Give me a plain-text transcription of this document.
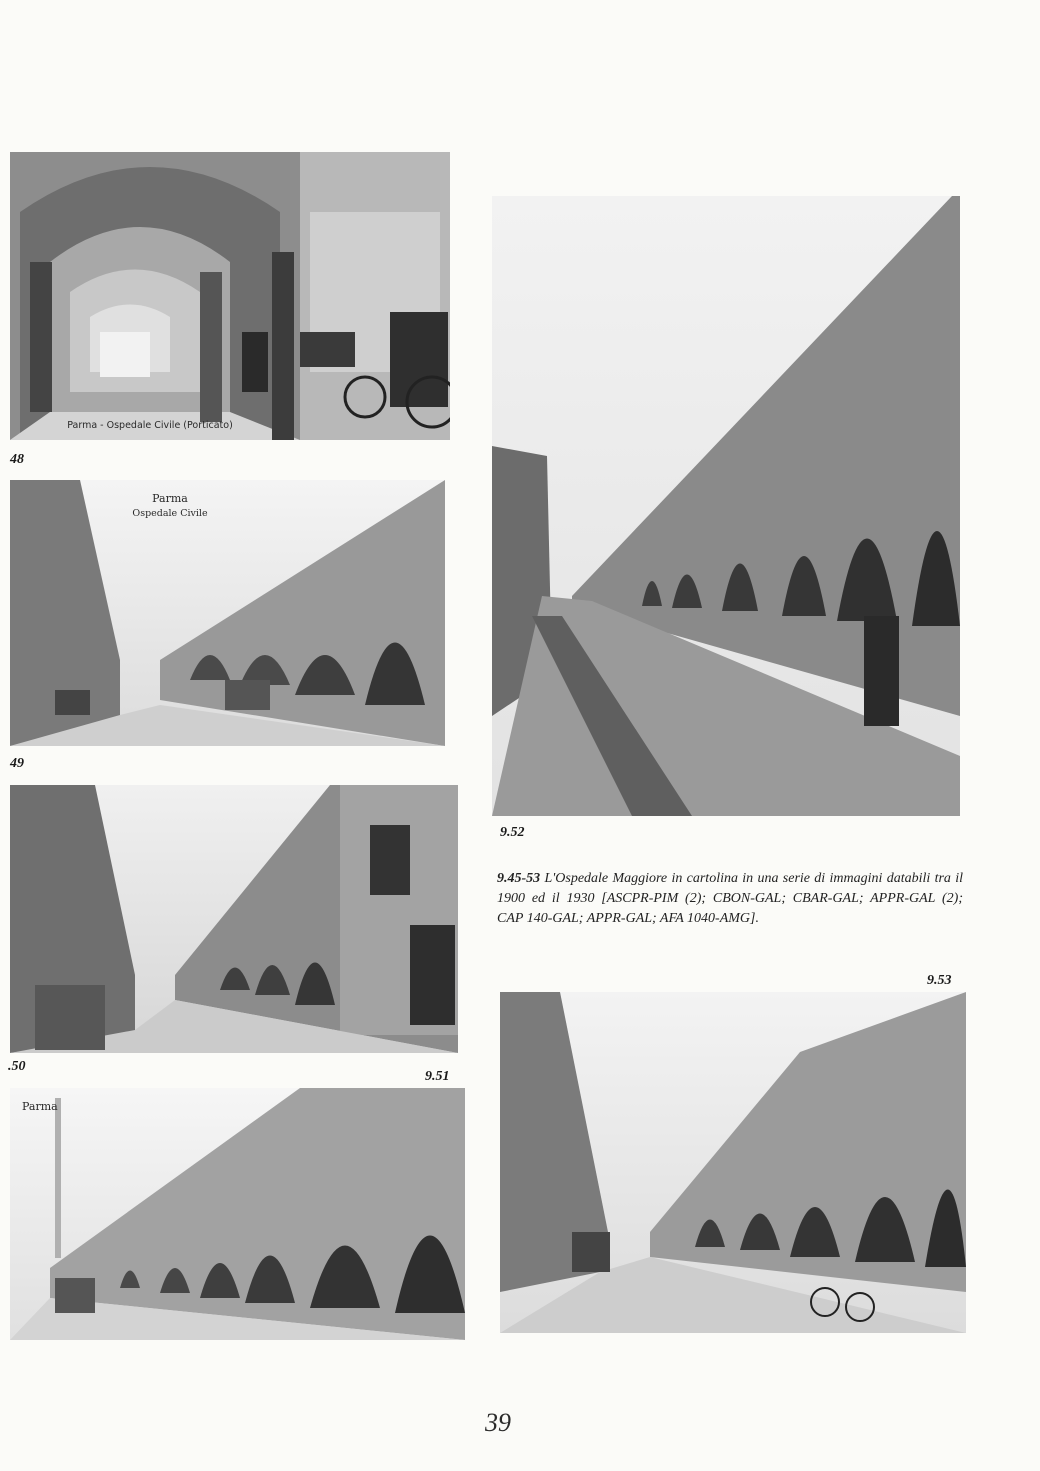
Parma - Ospedale Civile (Porticato)
48
Parma
Ospedale Civile
49
.50
Parma
9.51
9.52
9.45-53 L'Ospedale Maggiore in cartolina in una serie di immagini databili tra il 1900 ed il 1930 [ASCPR-PIM (2); CBON-GAL; CBAR-GAL; APPR-GAL (2); CAP 140-GAL; APPR-GAL; AFA 1040-AMG].
9.53
39
